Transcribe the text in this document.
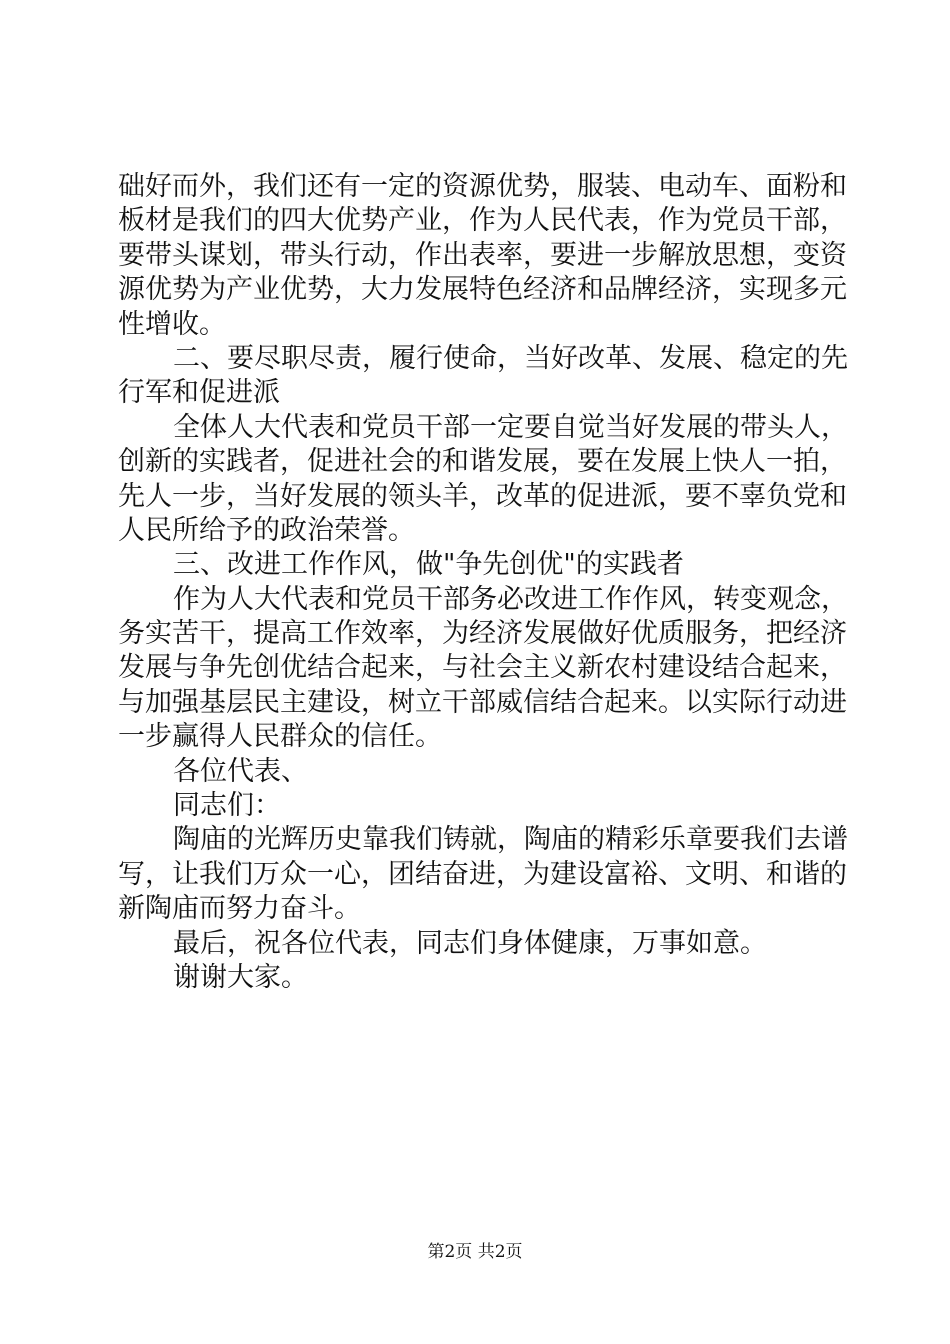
础好而外，我们还有一定的资源优势，服装、电动车、面粉和
板材是我们的四大优势产业，作为人民代表，作为党员干部，
要带头谋划，带头行动，作出表率，要进一步解放思想，变资
源优势为产业优势，大力发展特色经济和品牌经济，实现多元
性增收。
二、要尽职尽责，履行使命，当好改革、发展、稳定的先
行军和促进派
全体人大代表和党员干部一定要自觉当好发展的带头人，
创新的实践者，促进社会的和谐发展，要在发展上快人一拍，
先人一步，当好发展的领头羊，改革的促进派，要不辜负党和
人民所给予的政治荣誉。
三、改进工作作风，做"争先创优"的实践者
作为人大代表和党员干部务必改进工作作风，转变观念，
务实苦干，提高工作效率，为经济发展做好优质服务，把经济
发展与争先创优结合起来，与社会主义新农村建设结合起来，
与加强基层民主建设，树立干部威信结合起来。以实际行动进
一步赢得人民群众的信任。
各位代表、
同志们：
陶庙的光辉历史靠我们铸就，陶庙的精彩乐章要我们去谱
写，让我们万众一心，团结奋进，为建设富裕、文明、和谐的
新陶庙而努力奋斗。
最后，祝各位代表，同志们身体健康，万事如意。
谢谢大家。
第2页 共2页
